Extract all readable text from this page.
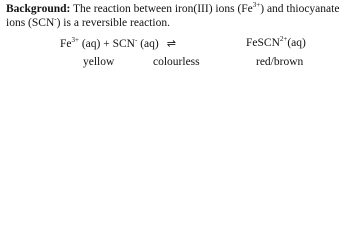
Background: The reaction between iron(III) ions $(Fe^{3+})$ and thiocyanate ions (SCN-) is a reversible reaction.
$Fe^{3+}$ (aq) + SCN- (aq) ⇌	FeSCN$^{2+}$(aq)
yellow	colourless	red/brown
